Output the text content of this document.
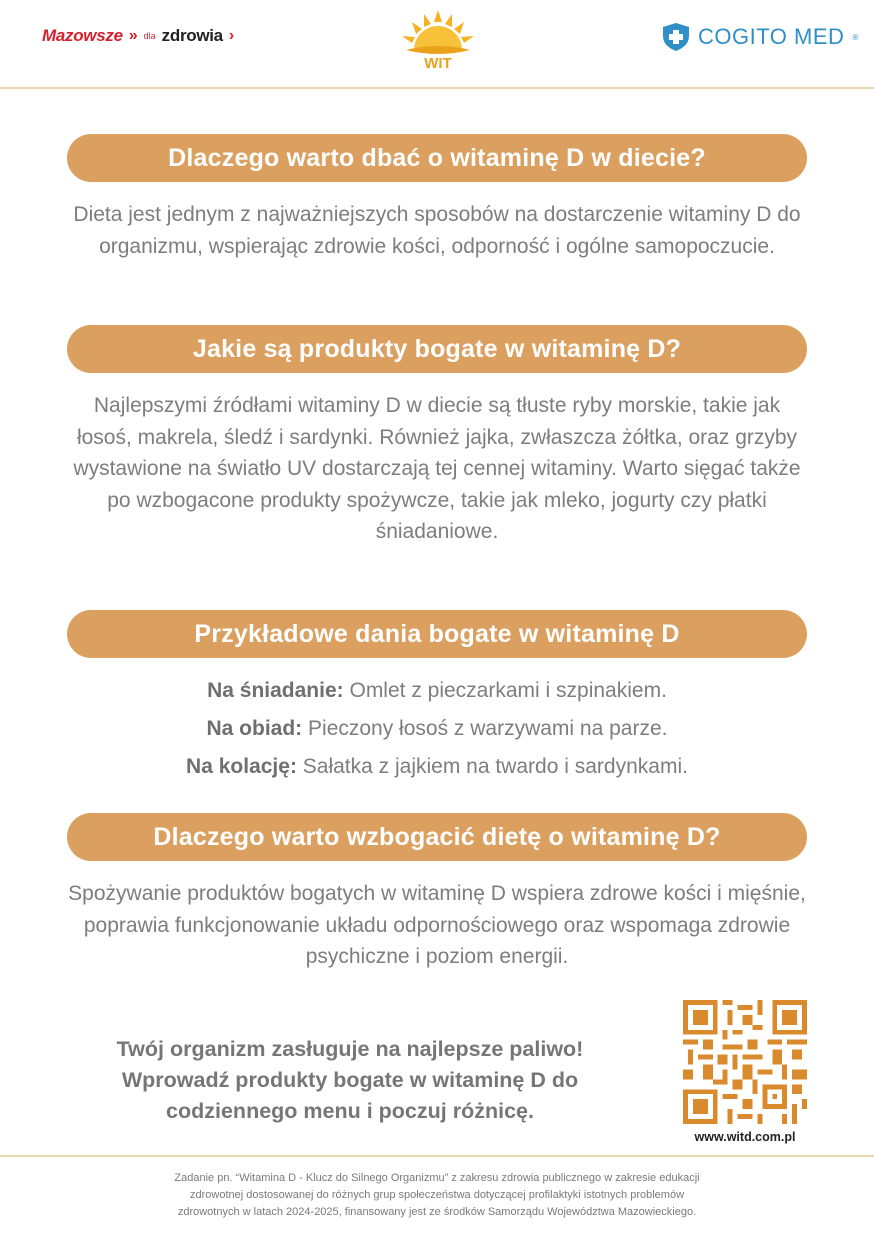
Mazowsze » dla zdrowia ›
WIT
COGITO MED ®
Dlaczego warto dbać o witaminę D w diecie?
Dieta jest jednym z najważniejszych sposobów na dostarczenie witaminy D do organizmu, wspierając zdrowie kości, odporność i ogólne samopoczucie.
Jakie są produkty bogate w witaminę D?
Najlepszymi źródłami witaminy D w diecie są tłuste ryby morskie, takie jak łosoś, makrela, śledź i sardynki. Również jajka, zwłaszcza żółtka, oraz grzyby wystawione na światło UV dostarczają tej cennej witaminy. Warto sięgać także po wzbogacone produkty spożywcze, takie jak mleko, jogurty czy płatki śniadaniowe.
Przykładowe dania bogate w witaminę D
Na śniadanie: Omlet z pieczarkami i szpinakiem.
Na obiad: Pieczony łosoś z warzywami na parze.
Na kolację: Sałatka z jajkiem na twardo i sardynkami.
Dlaczego warto wzbogacić dietę o witaminę D?
Spożywanie produktów bogatych w witaminę D wspiera zdrowe kości i mięśnie, poprawia funkcjonowanie układu odpornościowego oraz wspomaga zdrowie psychiczne i poziom energii.
Twój organizm zasługuje na najlepsze paliwo!
Wprowadź produkty bogate w witaminę D do
codziennego menu i poczuj różnicę.
www.witd.com.pl
Zadanie pn. “Witamina D - Klucz do Silnego Organizmu” z zakresu zdrowia publicznego w zakresie edukacji
zdrowotnej dostosowanej do różnych grup społeczeństwa dotyczącej profilaktyki istotnych problemów
zdrowotnych w latach 2024-2025, finansowany jest ze środków Samorządu Województwa Mazowieckiego.
